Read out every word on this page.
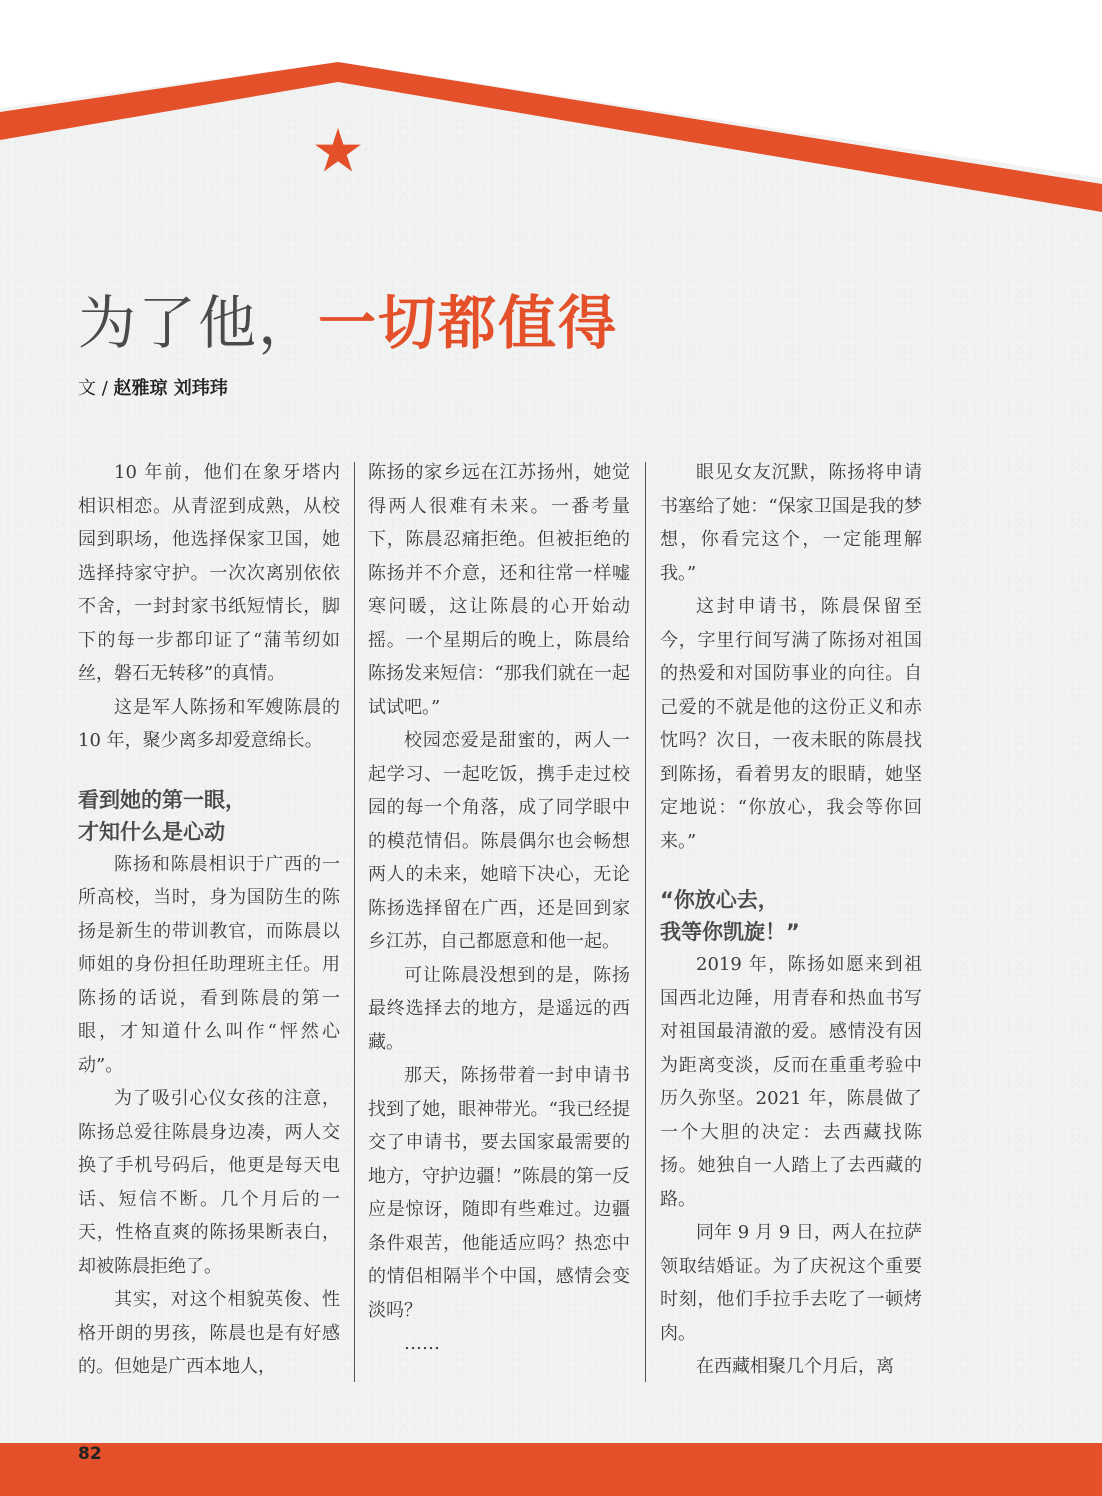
为了他，一切都值得
文 / 赵雅琼 刘玮玮

10 年前，他们在象牙塔内相识相恋。从青涩到成熟，从校园到职场，他选择保家卫国，她选择持家守护。一次次离别依依不舍，一封封家书纸短情长，脚下的每一步都印证了“蒲苇纫如丝，磐石无转移”的真情。

这是军人陈扬和军嫂陈晨的 10 年，聚少离多却爱意绵长。

看到她的第一眼，
才知什么是心动

陈扬和陈晨相识于广西的一所高校，当时，身为国防生的陈扬是新生的带训教官，而陈晨以师姐的身份担任助理班主任。用陈扬的话说，看到陈晨的第一眼，才知道什么叫作“怦然心动”。

为了吸引心仪女孩的注意，陈扬总爱往陈晨身边凑，两人交换了手机号码后，他更是每天电话、短信不断。几个月后的一天，性格直爽的陈扬果断表白，却被陈晨拒绝了。

其实，对这个相貌英俊、性格开朗的男孩，陈晨也是有好感的。但她是广西本地人，

陈扬的家乡远在江苏扬州，她觉得两人很难有未来。一番考量下，陈晨忍痛拒绝。但被拒绝的陈扬并不介意，还和往常一样嘘寒问暖，这让陈晨的心开始动摇。一个星期后的晚上，陈晨给陈扬发来短信：“那我们就在一起试试吧。”

校园恋爱是甜蜜的，两人一起学习、一起吃饭，携手走过校园的每一个角落，成了同学眼中的模范情侣。陈晨偶尔也会畅想两人的未来，她暗下决心，无论陈扬选择留在广西，还是回到家乡江苏，自己都愿意和他一起。

可让陈晨没想到的是，陈扬最终选择去的地方，是遥远的西藏。

那天，陈扬带着一封申请书找到了她，眼神带光。“我已经提交了申请书，要去国家最需要的地方，守护边疆！”陈晨的第一反应是惊讶，随即有些难过。边疆条件艰苦，他能适应吗？热恋中的情侣相隔半个中国，感情会变淡吗？

……

眼见女友沉默，陈扬将申请书塞给了她：“保家卫国是我的梦想，你看完这个，一定能理解我。”

这封申请书，陈晨保留至今，字里行间写满了陈扬对祖国的热爱和对国防事业的向往。自己爱的不就是他的这份正义和赤忱吗？次日，一夜未眠的陈晨找到陈扬，看着男友的眼睛，她坚定地说：“你放心，我会等你回来。”

“你放心去，
我等你凯旋！”

2019 年，陈扬如愿来到祖国西北边陲，用青春和热血书写对祖国最清澈的爱。感情没有因为距离变淡，反而在重重考验中历久弥坚。2021 年，陈晨做了一个大胆的决定：去西藏找陈扬。她独自一人踏上了去西藏的路。

同年 9 月 9 日，两人在拉萨领取结婚证。为了庆祝这个重要时刻，他们手拉手去吃了一顿烤肉。

在西藏相聚几个月后，离

82
